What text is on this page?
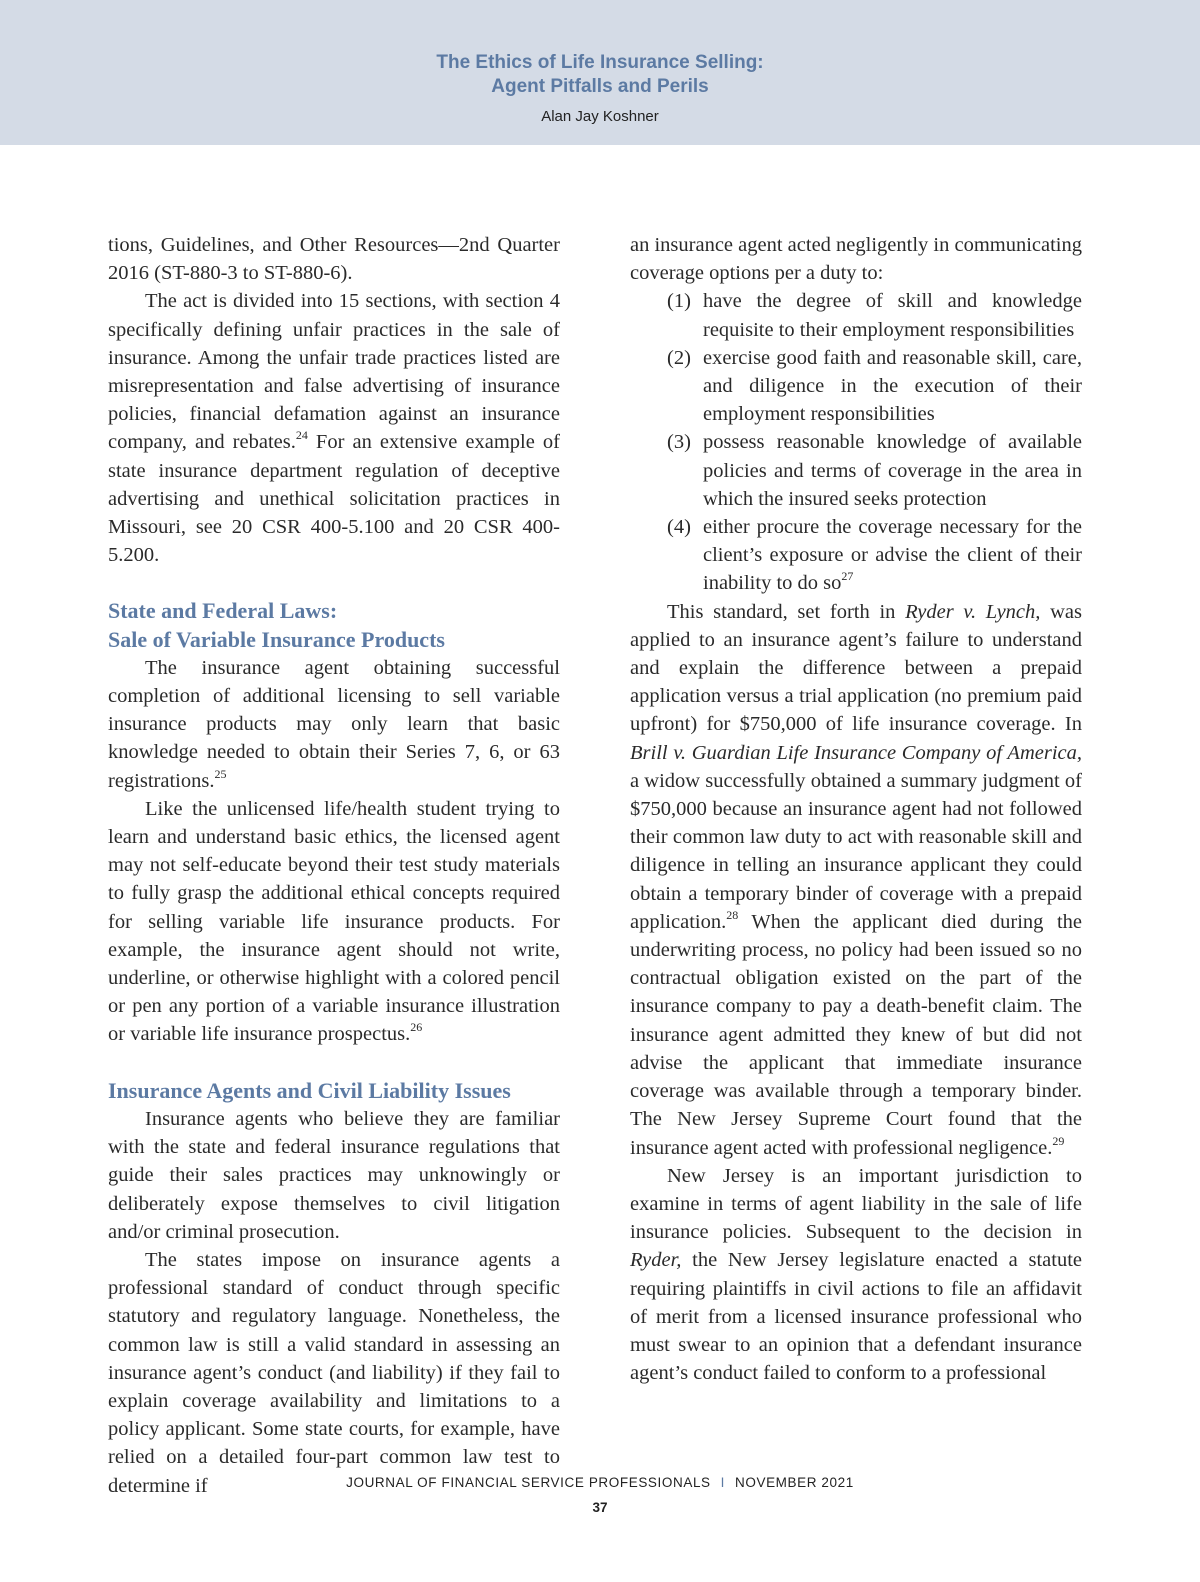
The Ethics of Life Insurance Selling:
Agent Pitfalls and Perils
Alan Jay Koshner

tions, Guidelines, and Other Resources—2nd Quarter 2016 (ST-880-3 to ST-880-6).

The act is divided into 15 sections, with section 4 specifically defining unfair practices in the sale of insurance. Among the unfair trade practices listed are misrepresentation and false advertising of insurance policies, financial defamation against an insurance company, and rebates.$^{24}$ For an extensive example of state insurance department regulation of deceptive advertising and unethical solicitation practices in Missouri, see 20 CSR 400-5.100 and 20 CSR 400-5.200.

State and Federal Laws:
Sale of Variable Insurance Products

The insurance agent obtaining successful completion of additional licensing to sell variable insurance products may only learn that basic knowledge needed to obtain their Series 7, 6, or 63 registrations.$^{25}$

Like the unlicensed life/health student trying to learn and understand basic ethics, the licensed agent may not self-educate beyond their test study materials to fully grasp the additional ethical concepts required for selling variable life insurance products. For example, the insurance agent should not write, underline, or otherwise highlight with a colored pencil or pen any portion of a variable insurance illustration or variable life insurance prospectus.$^{26}$

Insurance Agents and Civil Liability Issues

Insurance agents who believe they are familiar with the state and federal insurance regulations that guide their sales practices may unknowingly or deliberately expose themselves to civil litigation and/or criminal prosecution.

The states impose on insurance agents a professional standard of conduct through specific statutory and regulatory language. Nonetheless, the common law is still a valid standard in assessing an insurance agent’s conduct (and liability) if they fail to explain coverage availability and limitations to a policy applicant. Some state courts, for example, have relied on a detailed four-part common law test to determine if

an insurance agent acted negligently in communicating coverage options per a duty to:

(1) have the degree of skill and knowledge requisite to their employment responsibilities
(2) exercise good faith and reasonable skill, care, and diligence in the execution of their employment responsibilities
(3) possess reasonable knowledge of available policies and terms of coverage in the area in which the insured seeks protection
(4) either procure the coverage necessary for the client’s exposure or advise the client of their inability to do $so^{27}$

This standard, set forth in Ryder v. Lynch, was applied to an insurance agent’s failure to understand and explain the difference between a prepaid application versus a trial application (no premium paid upfront) for $750,000 of life insurance coverage. In Brill v. Guardian Life Insurance Company of America, a widow successfully obtained a summary judgment of $750,000 because an insurance agent had not followed their common law duty to act with reasonable skill and diligence in telling an insurance applicant they could obtain a temporary binder of coverage with a prepaid application.$^{28}$ When the applicant died during the underwriting process, no policy had been issued so no contractual obligation existed on the part of the insurance company to pay a death-benefit claim. The insurance agent admitted they knew of but did not advise the applicant that immediate insurance coverage was available through a temporary binder. The New Jersey Supreme Court found that the insurance agent acted with professional negligence.$^{29}$

New Jersey is an important jurisdiction to examine in terms of agent liability in the sale of life insurance policies. Subsequent to the decision in Ryder, the New Jersey legislature enacted a statute requiring plaintiffs in civil actions to file an affidavit of merit from a licensed insurance professional who must swear to an opinion that a defendant insurance agent’s conduct failed to conform to a professional

JOURNAL OF FINANCIAL SERVICE PROFESSIONALS I NOVEMBER 2021
37
